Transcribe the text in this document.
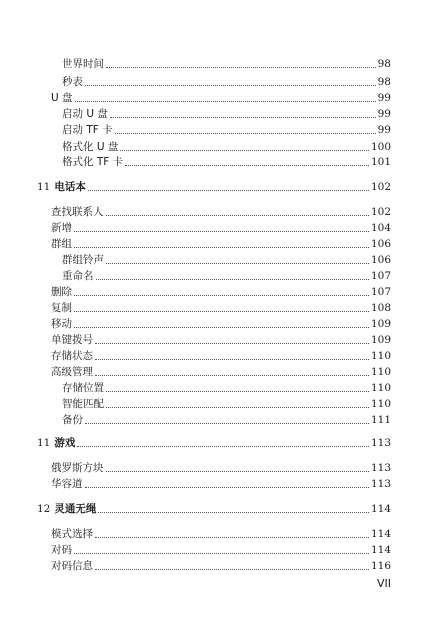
世界时间	98
秒表	98
U 盘	99
启动 U 盘	99
启动 TF 卡	99
格式化 U 盘	100
格式化 TF 卡	101
11 电话本	102
查找联系人	102
新增	104
群组	106
群组铃声	106
重命名	107
删除	107
复制	108
移动	109
单键拨号	109
存储状态	110
高级管理	110
存储位置	110
智能匹配	110
备份	111
11 游戏	113
俄罗斯方块	113
华容道	113
12 灵通无绳	114
模式选择	114
对码	114
对码信息	116
VII
